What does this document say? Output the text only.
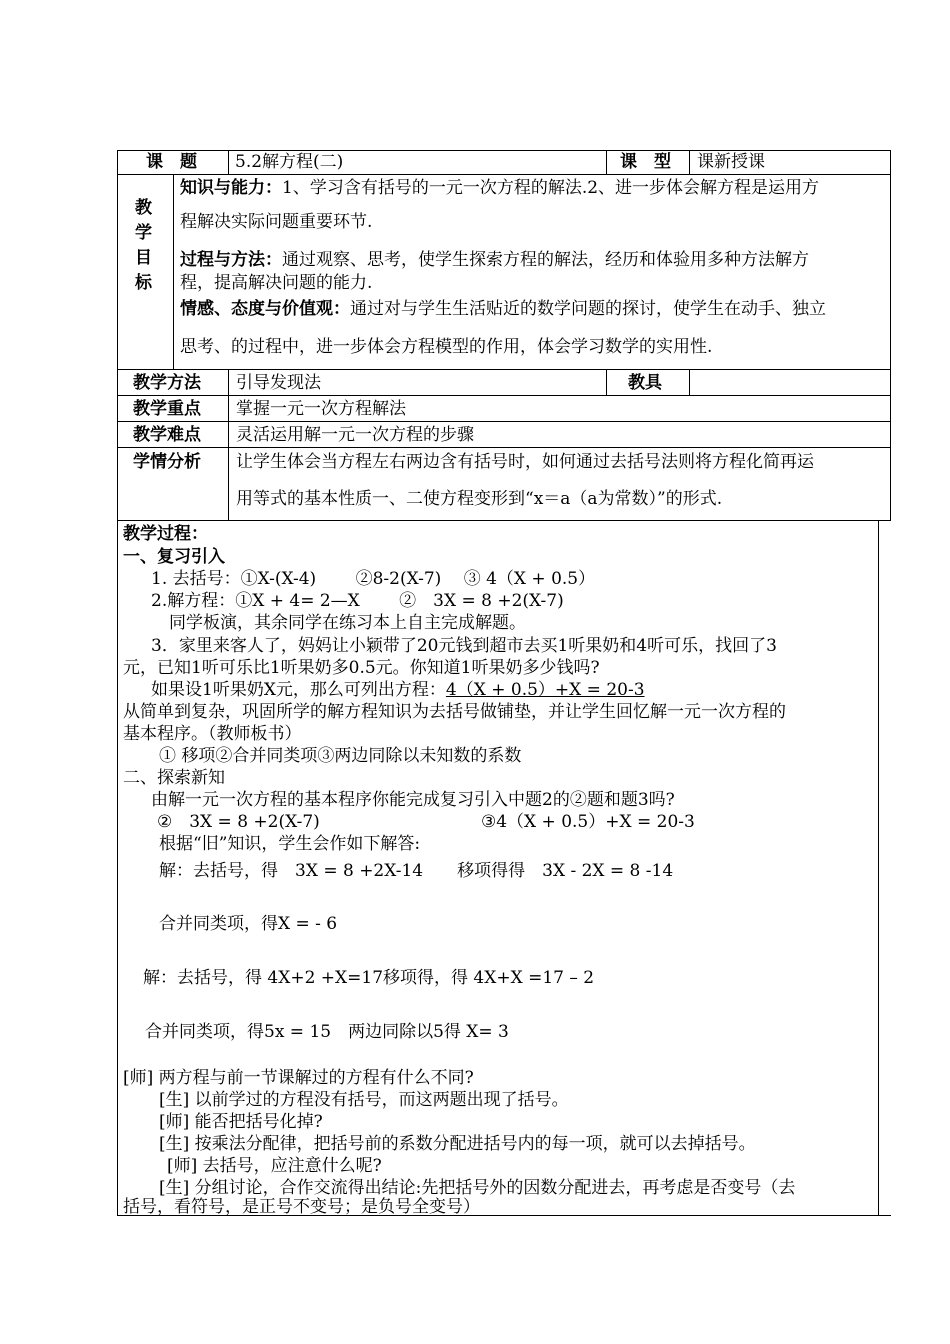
课　题 5.2解方程(二)	课　型 课新授课
教
学
目
标
知识与能力：1、学习含有括号的一元一次方程的解法.2、进一步体会解方程是运用方
程解决实际问题重要环节.
过程与方法：通过观察、思考，使学生探索方程的解法，经历和体验用多种方法解方
程，提高解决问题的能力.
情感、态度与价值观：通过对与学生生活贴近的数学问题的探讨，使学生在动手、独立
思考、的过程中，进一步体会方程模型的作用，体会学习数学的实用性.
教学方法 引导发现法	教具
教学重点 掌握一元一次方程解法
教学难点 灵活运用解一元一次方程的步骤
学情分析 让学生体会当方程左右两边含有括号时，如何通过去括号法则将方程化简再运
用等式的基本性质一、二使方程变形到“x＝a（a为常数）”的形式.
教学过程：
一、复习引入
1. 去括号：①X-(X-4)　　 ②8-2(X-7)　 ③ 4（X + 0.5）
2.解方程：①X + 4= 2—X　　 ②　3X = 8 +2(X-7)
同学板演，其余同学在练习本上自主完成解题。
3．家里来客人了，妈妈让小颖带了20元钱到超市去买1听果奶和4听可乐，找回了3
元，已知1听可乐比1听果奶多0.5元。你知道1听果奶多少钱吗?
如果设1听果奶X元，那么可列出方程：4（X + 0.5）+X = 20-3
从简单到复杂，巩固所学的解方程知识为去括号做铺垫，并让学生回忆解一元一次方程的
基本程序。（教师板书）
① 移项②合并同类项③两边同除以未知数的系数
二、探索新知
由解一元一次方程的基本程序你能完成复习引入中题2的②题和题3吗?
②　3X = 8 +2(X-7)	③4（X + 0.5）+X = 20-3
根据“旧”知识，学生会作如下解答:
解：去括号，得　3X = 8 +2X-14　　移项得得　3X - 2X = 8 -14
合并同类项，得X = - 6
解：去括号，得 4X+2 +X=17移项得，得 4X+X =17 – 2
合并同类项，得5x = 15　两边同除以5得 X= 3
[师] 两方程与前一节课解过的方程有什么不同?
[生] 以前学过的方程没有括号，而这两题出现了括号。
[师] 能否把括号化掉?
[生] 按乘法分配律，把括号前的系数分配进括号内的每一项，就可以去掉括号。
[师] 去括号，应注意什么呢?
[生] 分组讨论，合作交流得出结论:先把括号外的因数分配进去，再考虑是否变号（去
括号，看符号，是正号不变号；是负号全变号）
